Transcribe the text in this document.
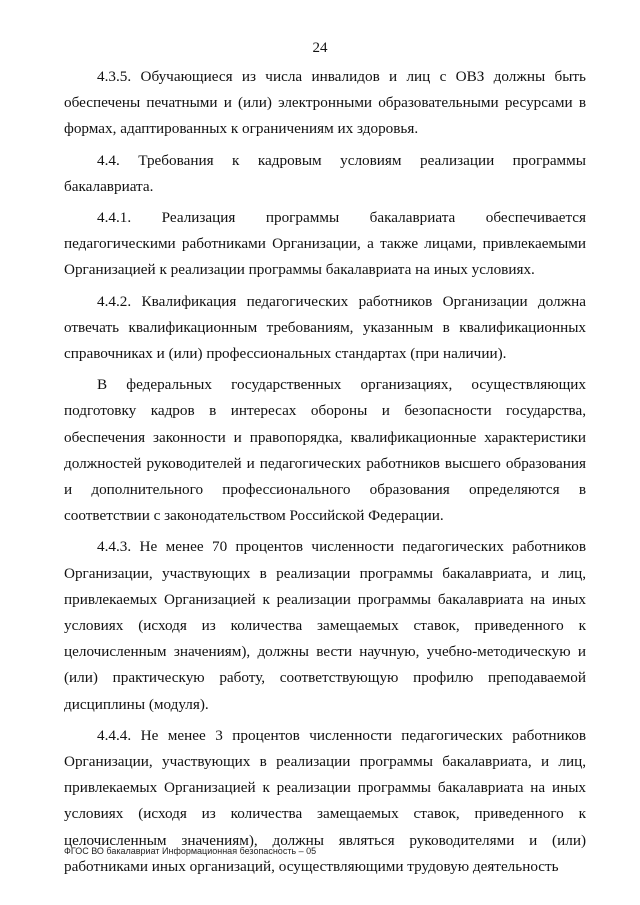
24

4.3.5. Обучающиеся из числа инвалидов и лиц с ОВЗ должны быть обеспечены печатными и (или) электронными образовательными ресурсами в формах, адаптированных к ограничениям их здоровья.

4.4. Требования к кадровым условиям реализации программы бакалавриата.

4.4.1. Реализация программы бакалавриата обеспечивается педагогическими работниками Организации, а также лицами, привлекаемыми Организацией к реализации программы бакалавриата на иных условиях.

4.4.2. Квалификация педагогических работников Организации должна отвечать квалификационным требованиям, указанным в квалификационных справочниках и (или) профессиональных стандартах (при наличии).

В федеральных государственных организациях, осуществляющих подготовку кадров в интересах обороны и безопасности государства, обеспечения законности и правопорядка, квалификационные характеристики должностей руководителей и педагогических работников высшего образования и дополнительного профессионального образования определяются в соответствии с законодательством Российской Федерации.

4.4.3. Не менее 70 процентов численности педагогических работников Организации, участвующих в реализации программы бакалавриата, и лиц, привлекаемых Организацией к реализации программы бакалавриата на иных условиях (исходя из количества замещаемых ставок, приведенного к целочисленным значениям), должны вести научную, учебно-методическую и (или) практическую работу, соответствующую профилю преподаваемой дисциплины (модуля).

4.4.4. Не менее 3 процентов численности педагогических работников Организации, участвующих в реализации программы бакалавриата, и лиц, привлекаемых Организацией к реализации программы бакалавриата на иных условиях (исходя из количества замещаемых ставок, приведенного к целочисленным значениям), должны являться руководителями и (или) работниками иных организаций, осуществляющими трудовую деятельность

ФГОС ВО бакалавриат Информационная безопасность – 05
